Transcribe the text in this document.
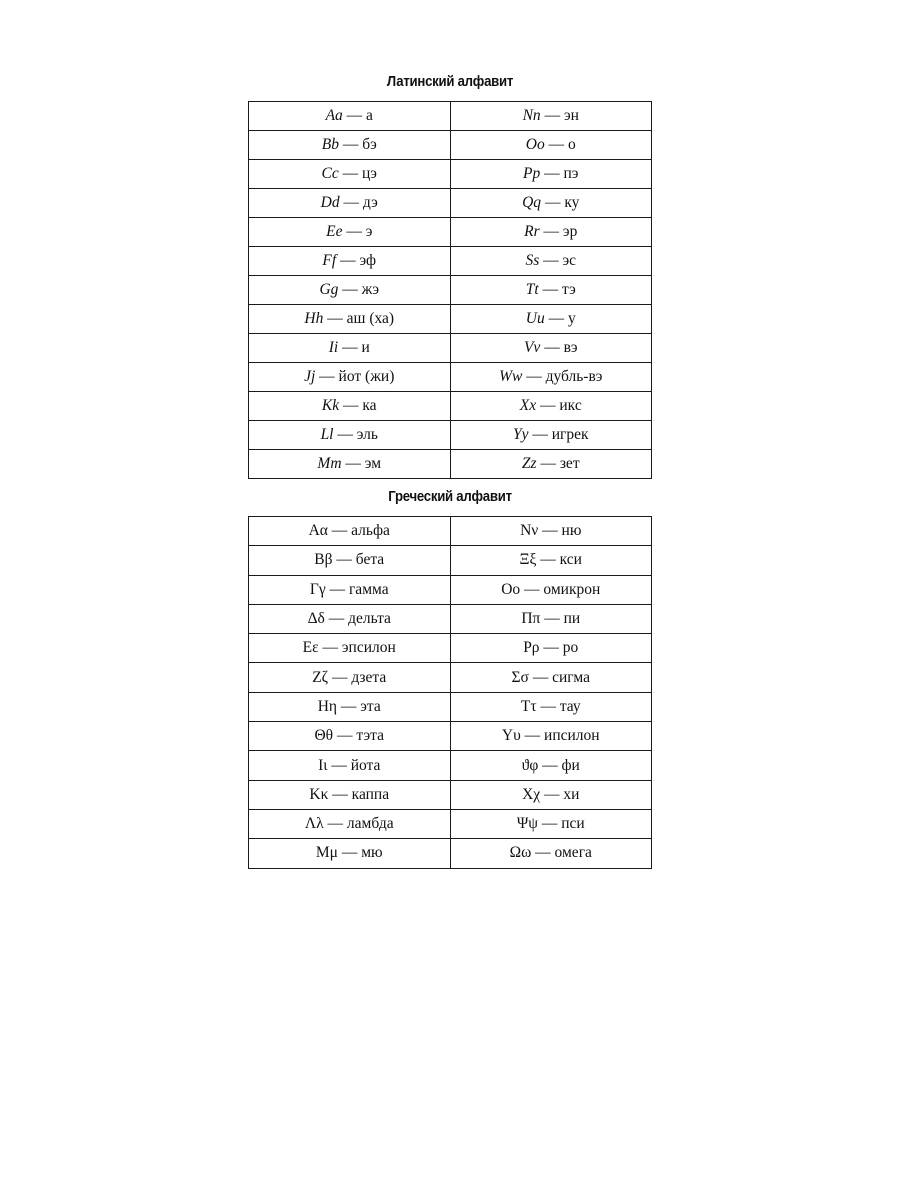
Латинский алфавит
Aa — а	Nn — эн
Bb — бэ	Oo — о
Cc — цэ	Pp — пэ
Dd — дэ	Qq — ку
Ee — э	Rr — эр
Ff — эф	Ss — эс
Gg — жэ	Tt — тэ
Hh — аш (ха)	Uu — у
Ii — и	Vv — вэ
Jj — йот (жи)	Ww — дубль-вэ
Kk — ка	Xx — икс
Ll — эль	Yy — игрек
Mm — эм	Zz — зет
Греческий алфавит
Αα — альфа	Νν — ню
Ββ — бета	Ξξ — кси
Γγ — гамма	Οο — омикрон
Δδ — дельта	Ππ — пи
Εε — эпсилон	Ρρ — ро
Ζζ — дзета	Σσ — сигма
Ηη — эта	Ττ — тау
Θθ — тэта	Υυ — ипсилон
Ιι — йота	ϑφ — фи
Κκ — каппа	Χχ — хи
Λλ — ламбда	Ψψ — пси
Μμ — мю	Ωω — омега
